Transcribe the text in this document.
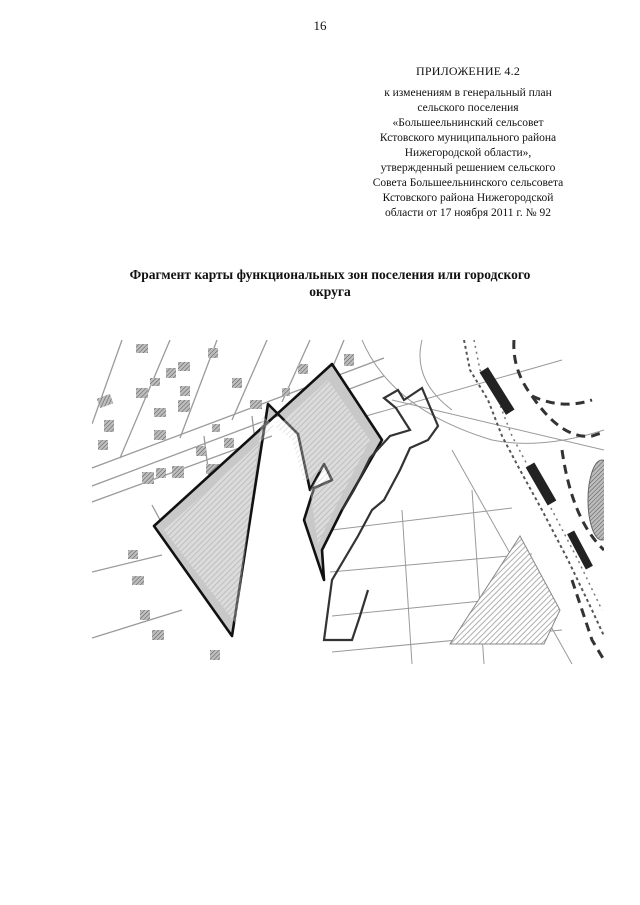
16
ПРИЛОЖЕНИЕ 4.2
к изменениям в генеральный план
сельского поселения
«Большеельнинский сельсовет
Кстовского муниципального района
Нижегородской области»,
утвержденный решением сельского
Совета Большеельнинского сельсовета
Кстовского района Нижегородской
области от 17 ноября 2011 г. № 92
Фрагмент карты функциональных зон поселения или городского
округа
